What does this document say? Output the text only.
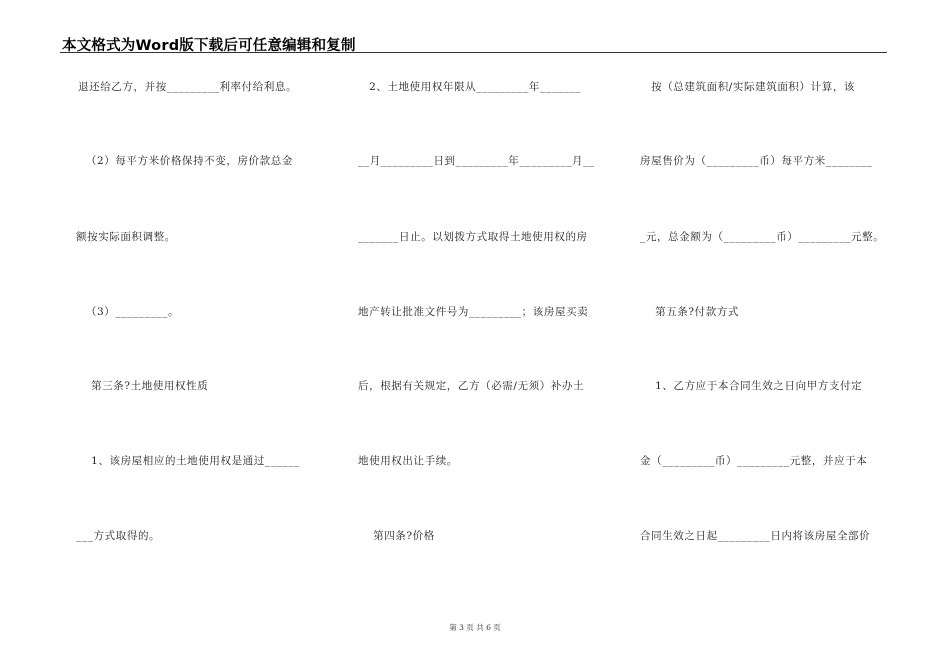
本文格式为Word版下载后可任意编辑和复制
退还给乙方，并按_________利率付给利息。
　（2）每平方米价格保持不变，房价款总金
额按实际面积调整。
　（3）_________。
　第三条?土地使用权性质
　1、该房屋相应的土地使用权是通过______
___方式取得的。
　2、土地使用权年限从_________年_______
__月_________日到_________年_________月__
_______日止。以划拨方式取得土地使用权的房
地产转让批准文件号为_________；该房屋买卖
后，根据有关规定，乙方（必需/无须）补办土
地使用权出让手续。
　第四条?价格
　按（总建筑面积/实际建筑面积）计算，该
房屋售价为（_________币）每平方米________
_元，总金额为（_________币）_________元整。
　第五条?付款方式
　1、乙方应于本合同生效之日向甲方支付定
金（_________币）_________元整，并应于本
合同生效之日起_________日内将该房屋全部价
第 3 页 共 6 页
